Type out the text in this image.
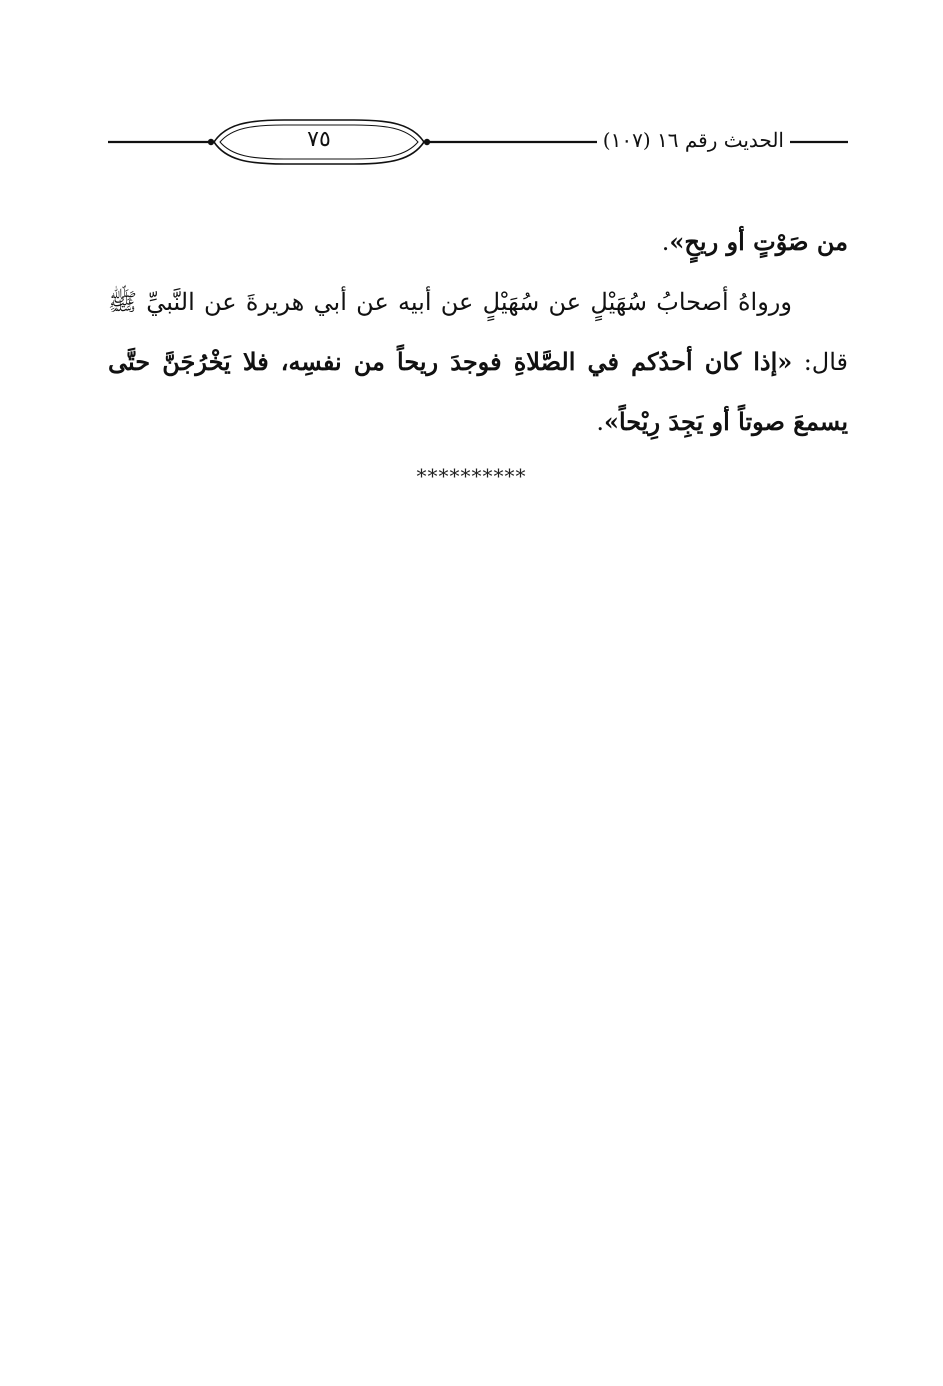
٧٥	الحديث رقم ١٦ (١٠٧)

من صَوْتٍ أو ريحٍ».

ورواهُ أصحابُ سُهَيْلٍ عن سُهَيْلٍ عن أبيه عن أبي هريرةَ عن النَّبيِّ ﷺ قال: «إذا كان أحدُكم في الصَّلاةِ فوجدَ ريحاً من نفسِه، فلا يَخْرُجَنَّ حتَّى يسمعَ صوتاً أو يَجِدَ رِيْحاً».

**********
